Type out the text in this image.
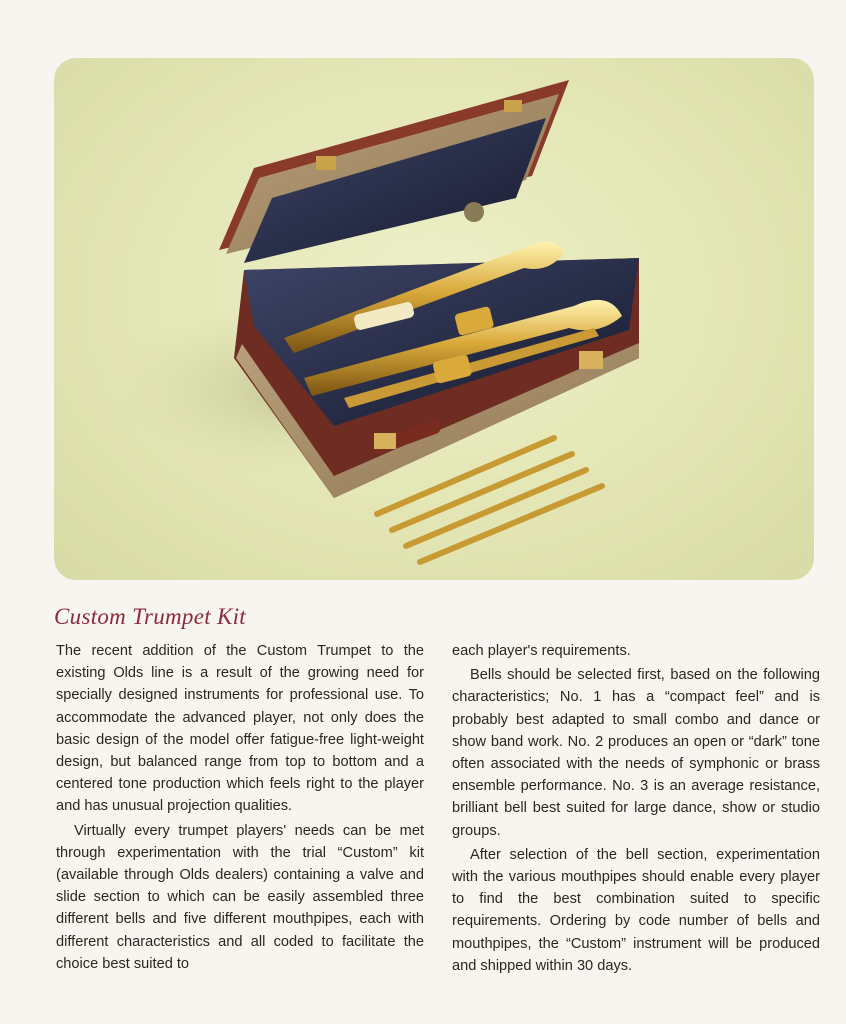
Custom Trumpet Kit

The recent addition of the Custom Trumpet to the existing Olds line is a result of the growing need for specially designed instruments for professional use. To accommodate the advanced player, not only does the basic design of the model offer fatigue-free light-weight design, but balanced range from top to bottom and a centered tone production which feels right to the player and has unusual projection qualities.

Virtually every trumpet players' needs can be met through experimentation with the trial “Custom” kit (available through Olds dealers) containing a valve and slide section to which can be easily assembled three different bells and five different mouthpipes, each with different characteristics and all coded to facilitate the choice best suited to

each player's requirements.

Bells should be selected first, based on the following characteristics; No. 1 has a “compact feel” and is probably best adapted to small combo and dance or show band work. No. 2 produces an open or “dark” tone often associated with the needs of symphonic or brass ensemble performance. No. 3 is an average resistance, brilliant bell best suited for large dance, show or studio groups.

After selection of the bell section, experimentation with the various mouthpipes should enable every player to find the best combination suited to specific requirements. Ordering by code number of bells and mouthpipes, the “Custom” instrument will be produced and shipped within 30 days.
